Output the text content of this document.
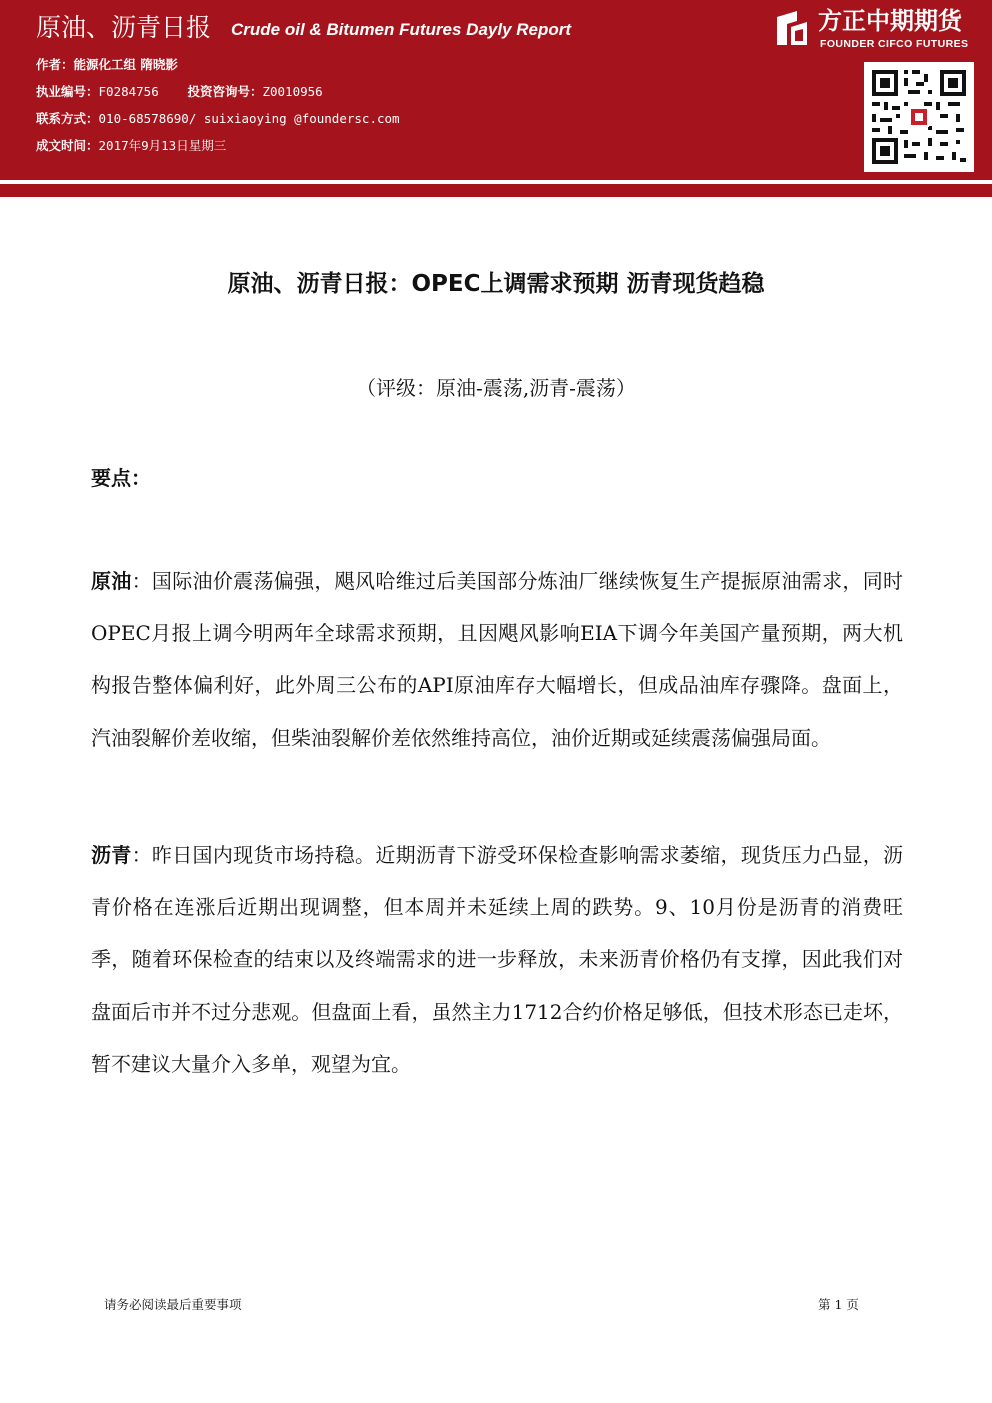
原油、沥青日报 Crude oil & Bitumen Futures Dayly Report
作者：能源化工组 隋晓影
执业编号：F0284756 投资咨询号：Z0010956
联系方式：010-68578690/ suixiaoying @foundersc.com
成文时间：2017年9月13日星期三
方正中期期货
FOUNDER CIFCO FUTURES
原油、沥青日报：OPEC上调需求预期 沥青现货趋稳
（评级：原油-震荡,沥青-震荡）
要点：
原油：国际油价震荡偏强，飓风哈维过后美国部分炼油厂继续恢复生产提振原油需求，同时OPEC月报上调今明两年全球需求预期，且因飓风影响EIA下调今年美国产量预期，两大机构报告整体偏利好，此外周三公布的API原油库存大幅增长，但成品油库存骤降。盘面上，汽油裂解价差收缩，但柴油裂解价差依然维持高位，油价近期或延续震荡偏强局面。
沥青：昨日国内现货市场持稳。近期沥青下游受环保检查影响需求萎缩，现货压力凸显，沥青价格在连涨后近期出现调整，但本周并未延续上周的跌势。9、10月份是沥青的消费旺季，随着环保检查的结束以及终端需求的进一步释放，未来沥青价格仍有支撑，因此我们对盘面后市并不过分悲观。但盘面上看，虽然主力1712合约价格足够低，但技术形态已走坏，暂不建议大量介入多单，观望为宜。
请务必阅读最后重要事项	第 1 页
